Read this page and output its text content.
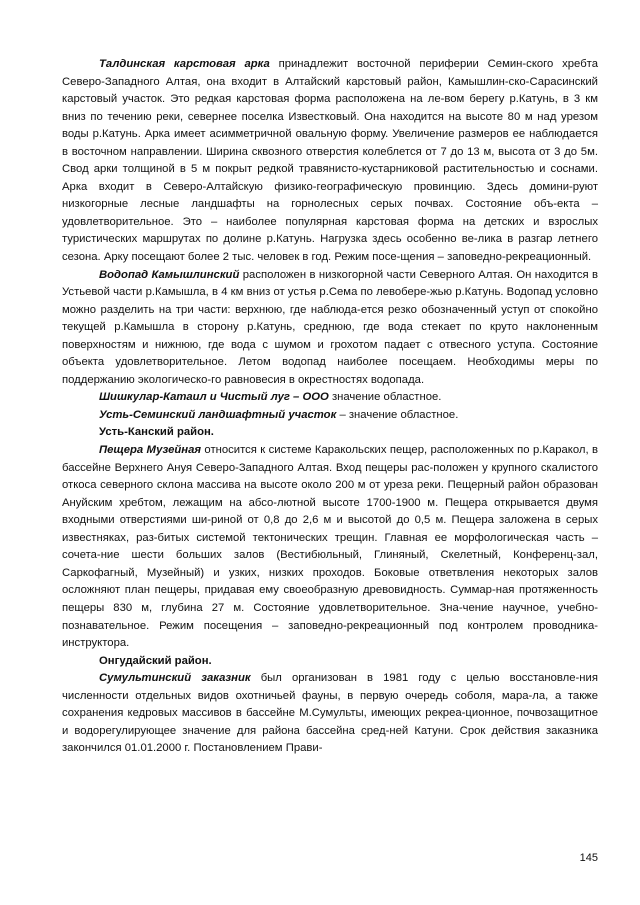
Талдинская карстовая арка принадлежит восточной периферии Семин-ского хребта Северо-Западного Алтая, она входит в Алтайский карстовый район, Камышлин-ско-Сарасинский карстовый участок. Это редкая карстовая форма расположена на ле-вом берегу р.Катунь, в 3 км вниз по течению реки, севернее поселка Известковый. Она находится на высоте 80 м над урезом воды р.Катунь. Арка имеет асимметричной овальную форму. Увеличение размеров ее наблюдается в восточном направлении. Ширина сквозного отверстия колеблется от 7 до 13 м, высота от 3 до 5м. Свод арки толщиной в 5 м покрыт редкой травянисто-кустарниковой растительностью и соснами. Арка входит в Северо-Алтайскую физико-географическую провинцию. Здесь домини-руют низкогорные лесные ландшафты на горнолесных серых почвах. Состояние объ-екта – удовлетворительное. Это – наиболее популярная карстовая форма на детских и взрослых туристических маршрутах по долине р.Катунь. Нагрузка здесь особенно ве-лика в разгар летнего сезона. Арку посещают более 2 тыс. человек в год. Режим посе-щения – заповедно-рекреационный.

Водопад Камышлинский расположен в низкогорной части Северного Алтая. Он находится в Устьевой части р.Камышла, в 4 км вниз от устья р.Сема по левобере-жью р.Катунь. Водопад условно можно разделить на три части: верхнюю, где наблюда-ется резко обозначенный уступ от спокойно текущей р.Камышла в сторону р.Катунь, среднюю, где вода стекает по круто наклоненным поверхностям и нижнюю, где вода с шумом и грохотом падает с отвесного уступа. Состояние объекта удовлетворительное. Летом водопад наиболее посещаем. Необходимы меры по поддержанию экологическо-го равновесия в окрестностях водопада.

Шишкулар-Катаил и Чистый луг – ООО значение областное.

Усть-Семинский ландшафтный участок – значение областное.

Усть-Канский район.

Пещера Музейная относится к системе Каракольских пещер, расположенных по р.Каракол, в бассейне Верхнего Ануя Северо-Западного Алтая. Вход пещеры рас-положен у крупного скалистого откоса северного склона массива на высоте около 200 м от уреза реки. Пещерный район образован Ануйским хребтом, лежащим на абсо-лютной высоте 1700-1900 м. Пещера открывается двумя входными отверстиями ши-риной от 0,8 до 2,6 м и высотой до 0,5 м. Пещера заложена в серых известняках, раз-битых системой тектонических трещин. Главная ее морфологическая часть – сочета-ние шести больших залов (Вестибюльный, Глиняный, Скелетный, Конференц-зал, Саркофагный, Музейный) и узких, низких проходов. Боковые ответвления некоторых залов осложняют план пещеры, придавая ему своеобразную древовидность. Суммар-ная протяженность пещеры 830 м, глубина 27 м. Состояние удовлетворительное. Зна-чение научное, учебно-познавательное. Режим посещения – заповедно-рекреационный под контролем проводника-инструктора.

Онгудайский район.

Сумультинский заказник был организован в 1981 году с целью восстановле-ния численности отдельных видов охотничьей фауны, в первую очередь соболя, мара-ла, а также сохранения кедровых массивов в бассейне М.Сумульты, имеющих рекреа-ционное, почвозащитное и водорегулирующее значение для района бассейна сред-ней Катуни. Срок действия заказника закончился 01.01.2000 г. Постановлением Прави-

145
